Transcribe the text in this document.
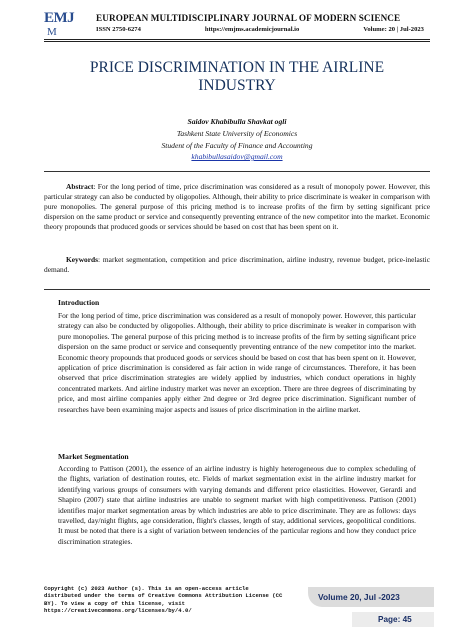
EMJ
M
EUROPEAN MULTIDISCIPLINARY JOURNAL OF MODERN SCIENCE
ISSN 2750-6274	https://emjms.academicjournal.io	Volume: 20 | Jul-2023
PRICE DISCRIMINATION IN THE AIRLINE INDUSTRY
Saidov Khabibulla Shavkat ogli
Tashkent State University of Economics
Student of the Faculty of Finance and Accounting
khabibullasaidov@gmail.com
Abstract: For the long period of time, price discrimination was considered as a result of monopoly power. However, this particular strategy can also be conducted by oligopolies. Although, their ability to price discriminate is weaker in comparison with pure monopolies. The general purpose of this pricing method is to increase profits of the firm by setting significant price dispersion on the same product or service and consequently preventing entrance of the new competitor into the market. Economic theory propounds that produced goods or services should be based on cost that has been spent on it.
Keywords: market segmentation, competition and price discrimination, airline industry, revenue budget, price-inelastic demand.
Introduction
For the long period of time, price discrimination was considered as a result of monopoly power. However, this particular strategy can also be conducted by oligopolies. Although, their ability to price discriminate is weaker in comparison with pure monopolies. The general purpose of this pricing method is to increase profits of the firm by setting significant price dispersion on the same product or service and consequently preventing entrance of the new competitor into the market. Economic theory propounds that produced goods or services should be based on cost that has been spent on it. However, application of price discrimination is considered as fair action in wide range of circumstances. Therefore, it has been observed that price discrimination strategies are widely applied by industries, which conduct operations in highly concentrated markets. And airline industry market was never an exception. There are three degrees of discriminating by price, and most airline companies apply either 2nd degree or 3rd degree price discrimination. Significant number of researches have been examining major aspects and issues of price discrimination in the airline market.
Market Segmentation
According to Pattison (2001), the essence of an airline industry is highly heterogeneous due to complex scheduling of the flights, variation of destination routes, etc. Fields of market segmentation exist in the airline industry market for identifying various groups of consumers with varying demands and different price elasticities. However, Gerardi and Shapiro (2007) state that airline industries are unable to segment market with high competitiveness. Pattison (2001) identifies major market segmentation areas by which industries are able to price discriminate. They are as follows: days travelled, day/night flights, age consideration, flight's classes, length of stay, additional services, geopolitical conditions. It must be noted that there is a sight of variation between tendencies of the particular regions and how they conduct price discrimination strategies.
Copyright (c) 2023 Author (s). This is an open-access article distributed under the terms of Creative Commons Attribution License (CC BY). To view a copy of this license, visit https://creativecommons.org/licenses/by/4.0/
Volume 20, Jul -2023
Page: 45
